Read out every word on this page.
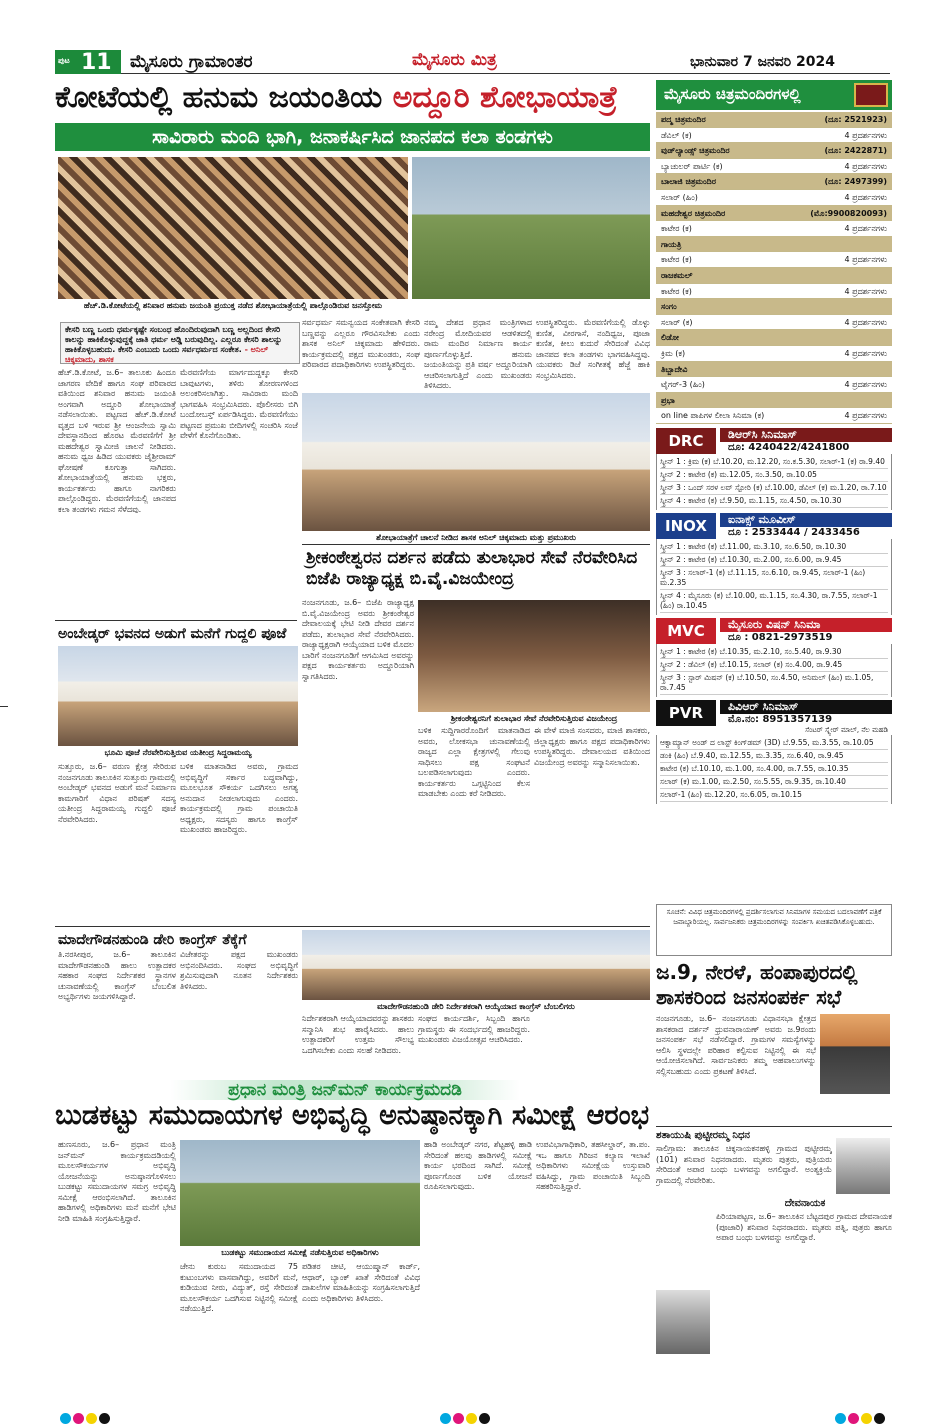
ಪುಟ 11 ಮೈಸೂರು ಗ್ರಾಮಾಂತರ	ಮೈಸೂರು ಮಿತ್ರ	ಭಾನುವಾರ 7 ಜನವರಿ 2024
ಕೋಟೆಯಲ್ಲಿ ಹನುಮ ಜಯಂತಿಯ ಅದ್ದೂರಿ ಶೋಭಾಯಾತ್ರೆ
ಸಾವಿರಾರು ಮಂದಿ ಭಾಗಿ, ಜನಾಕರ್ಷಿಸಿದ ಜಾನಪದ ಕಲಾ ತಂಡಗಳು
ಹೆಚ್.ಡಿ.ಕೋಟೆಯಲ್ಲಿ ಶನಿವಾರ ಹನುಮ ಜಯಂತಿ ಪ್ರಯುಕ್ತ ನಡೆದ ಶೋಭಾಯಾತ್ರೆಯಲ್ಲಿ ಪಾಲ್ಗೊಂಡಿರುವ ಜನಸ್ತೋಮ
ಕೇಸರಿ ಬಣ್ಣ ಒಂದು ಧರ್ಮಕ್ಕಷ್ಟೇ ಸಂಬಂಧ ಹೊಂದಿರುವುದಾಗಿ ಬಣ್ಣ ಅಲ್ಲದಿಂದ ಕೇಸರಿ ಕಾಲನ್ನು ಹಾಕಿಕೊಳ್ಳುವುದ್ದಕ್ಕೆ ಜಾತಿ ಧರ್ಮ ಅಡ್ಡಿ ಬರುವುದಿಲ್ಲ. ಎಲ್ಲರೂ ಕೇಸರಿ ಶಾಲನ್ನು ಹಾಕಿಕೊಳ್ಳಬಹುದು. ಕೇಸರಿ ಎಂಬುದು ಒಂದು ಸರ್ವಧರ್ಮದ ಸಂಕೇತ. - ಅನಿಲ್ ಚಿಕ್ಕಮಾದು, ಶಾಸಕ
ಹೆಚ್.ಡಿ.ಕೋಟೆ, ಜ.6– ತಾಲೂಕು ಹಿಂದೂ ಜಾಗರಣ ವೇದಿಕೆ ಹಾಗೂ ಸಂಘ ಪರಿವಾರದ ವತಿಯಿಂದ ಶನಿವಾರ ಹನುಮ ಜಯಂತಿ ಅಂಗವಾಗಿ ಅದ್ದೂರಿ ಶೋಭಾಯಾತ್ರೆ ನಡೆಸಲಾಯಿತು. ಪಟ್ಟಣದ ಹೆಚ್.ಡಿ.ಕೋಟೆ ವೃತ್ತದ ಬಳಿ ಇರುವ ಶ್ರೀ ಆಂಜನೇಯ ಸ್ವಾಮಿ ದೇವಸ್ಥಾನದಿಂದ ಹೊರಟ ಮೆರವಣಿಗೆಗೆ ಶ್ರೀ ಮಹದೇಶ್ವರ ಸ್ವಾಮೀಜಿ ಚಾಲನೆ ನೀಡಿದರು. ಹನುಮ ಧ್ವಜ ಹಿಡಿದ ಯುವಕರು ಜೈಶ್ರೀರಾಮ್ ಘೋಷಣೆ ಕೂಗುತ್ತಾ ಸಾಗಿದರು. ಶೋಭಾಯಾತ್ರೆಯಲ್ಲಿ ಹನುಮ ಭಕ್ತರು, ಕಾರ್ಯಕರ್ತರು ಹಾಗೂ ನಾಗರಿಕರು ಪಾಲ್ಗೊಂಡಿದ್ದರು. ಮೆರವಣಿಗೆಯಲ್ಲಿ ಜಾನಪದ ಕಲಾ ತಂಡಗಳು ಗಮನ ಸೆಳೆದವು.
ಮೆರವಣಿಗೆಯ ಮಾರ್ಗದುದ್ದಕ್ಕೂ ಕೇಸರಿ ಬಾವುಟಗಳು, ತಳಿರು ತೋರಣಗಳಿಂದ ಅಲಂಕರಿಸಲಾಗಿತ್ತು. ಸಾವಿರಾರು ಮಂದಿ ಭಾಗವಹಿಸಿ ಸಂಭ್ರಮಿಸಿದರು. ಪೊಲೀಸರು ಬಿಗಿ ಬಂದೋಬಸ್ತ್ ಏರ್ಪಡಿಸಿದ್ದರು. ಮೆರವಣಿಗೆಯು ಪಟ್ಟಣದ ಪ್ರಮುಖ ಬೀದಿಗಳಲ್ಲಿ ಸಂಚರಿಸಿ ಸಂಜೆ ವೇಳೆಗೆ ಕೊನೆಗೊಂಡಿತು.
ಸರ್ವಧರ್ಮ ಸಮನ್ವಯದ ಸಂಕೇತವಾಗಿ ಕೇಸರಿ ಬಣ್ಣವನ್ನು ಎಲ್ಲರೂ ಗೌರವಿಸಬೇಕು ಎಂದು ಶಾಸಕ ಅನಿಲ್ ಚಿಕ್ಕಮಾದು ಹೇಳಿದರು. ಕಾರ್ಯಕ್ರಮದಲ್ಲಿ ಪಕ್ಷದ ಮುಖಂಡರು, ಸಂಘ ಪರಿವಾರದ ಪದಾಧಿಕಾರಿಗಳು ಉಪಸ್ಥಿತರಿದ್ದರು.
ನಮ್ಮ ದೇಶದ ಪ್ರಧಾನ ಮಂತ್ರಿಗಳಾದ ನರೇಂದ್ರ ಮೋದಿಯವರ ಆಡಳಿತದಲ್ಲಿ ರಾಮ ಮಂದಿರ ನಿರ್ಮಾಣ ಕಾರ್ಯ ಪೂರ್ಣಗೊಳ್ಳುತ್ತಿದೆ. ಹನುಮ ಜಯಂತಿಯನ್ನು ಪ್ರತಿ ವರ್ಷ ಅದ್ದೂರಿಯಾಗಿ ಆಚರಿಸಲಾಗುತ್ತಿದೆ ಎಂದು ಮುಖಂಡರು ತಿಳಿಸಿದರು.
ಉಪಸ್ಥಿತರಿದ್ದರು. ಮೆರವಣಿಗೆಯಲ್ಲಿ ಡೊಳ್ಳು ಕುಣಿತ, ವೀರಗಾಸೆ, ನಂದಿಧ್ವಜ, ಪೂಜಾ ಕುಣಿತ, ಕೀಲು ಕುದುರೆ ಸೇರಿದಂತೆ ವಿವಿಧ ಜಾನಪದ ಕಲಾ ತಂಡಗಳು ಭಾಗವಹಿಸಿದ್ದವು. ಯುವಕರು ಡಿಜೆ ಸಂಗೀತಕ್ಕೆ ಹೆಜ್ಜೆ ಹಾಕಿ ಸಂಭ್ರಮಿಸಿದರು.
ಶೋಭಾಯಾತ್ರೆಗೆ ಚಾಲನೆ ನೀಡಿದ ಶಾಸಕ ಅನಿಲ್ ಚಿಕ್ಕಮಾದು ಮತ್ತು ಪ್ರಮುಖರು
ಶ್ರೀಕಂಠೇಶ್ವರನ ದರ್ಶನ ಪಡೆದು ತುಲಾಭಾರ ಸೇವೆ ನೆರವೇರಿಸಿದ ಬಿಜೆಪಿ ರಾಜ್ಯಾಧ್ಯಕ್ಷ ಬಿ.ವೈ.ವಿಜಯೇಂದ್ರ
ನಂಜನಗೂಡು, ಜ.6– ಬಿಜೆಪಿ ರಾಜ್ಯಾಧ್ಯಕ್ಷ ಬಿ.ವೈ.ವಿಜಯೇಂದ್ರ ಅವರು ಶ್ರೀಕಂಠೇಶ್ವರ ದೇವಾಲಯಕ್ಕೆ ಭೇಟಿ ನೀಡಿ ದೇವರ ದರ್ಶನ ಪಡೆದು, ತುಲಾಭಾರ ಸೇವೆ ನೆರವೇರಿಸಿದರು. ರಾಜ್ಯಾಧ್ಯಕ್ಷರಾಗಿ ಆಯ್ಕೆಯಾದ ಬಳಿಕ ಮೊದಲ ಬಾರಿಗೆ ನಂಜನಗೂಡಿಗೆ ಆಗಮಿಸಿದ ಅವರನ್ನು ಪಕ್ಷದ ಕಾರ್ಯಕರ್ತರು ಅದ್ದೂರಿಯಾಗಿ ಸ್ವಾಗತಿಸಿದರು.
ಶ್ರೀಕಂಠೇಶ್ವರನಿಗೆ ತುಲಾಭಾರ ಸೇವೆ ನೆರವೇರಿಸುತ್ತಿರುವ ವಿಜಯೇಂದ್ರ
ಬಳಿಕ ಸುದ್ದಿಗಾರರೊಂದಿಗೆ ಮಾತನಾಡಿದ ಅವರು, ಲೋಕಸಭಾ ಚುನಾವಣೆಯಲ್ಲಿ ರಾಜ್ಯದ ಎಲ್ಲಾ ಕ್ಷೇತ್ರಗಳಲ್ಲಿ ಗೆಲುವು ಸಾಧಿಸಲು ಪಕ್ಷ ಸಂಘಟನೆ ಬಲಪಡಿಸಲಾಗುವುದು ಎಂದರು. ಕಾರ್ಯಕರ್ತರು ಒಗ್ಗಟ್ಟಿನಿಂದ ಕೆಲಸ ಮಾಡಬೇಕು ಎಂದು ಕರೆ ನೀಡಿದರು.
ಈ ವೇಳೆ ಮಾಜಿ ಸಂಸದರು, ಮಾಜಿ ಶಾಸಕರು, ಜಿಲ್ಲಾಧ್ಯಕ್ಷರು ಹಾಗೂ ಪಕ್ಷದ ಪದಾಧಿಕಾರಿಗಳು ಉಪಸ್ಥಿತರಿದ್ದರು. ದೇವಾಲಯದ ವತಿಯಿಂದ ವಿಜಯೇಂದ್ರ ಅವರನ್ನು ಸನ್ಮಾನಿಸಲಾಯಿತು.
ಅಂಬೇಡ್ಕರ್ ಭವನದ ಅಡುಗೆ ಮನೆಗೆ ಗುದ್ದಲಿ ಪೂಜೆ
ಭೂಮಿ ಪೂಜೆ ನೆರವೇರಿಸುತ್ತಿರುವ ಯತೀಂದ್ರ ಸಿದ್ದರಾಮಯ್ಯ
ಸುತ್ತೂರು, ಜ.6– ವರುಣ ಕ್ಷೇತ್ರ ಸೇರಿರುವ ನಂಜನಗೂಡು ತಾಲೂಕಿನ ಸುತ್ತೂರು ಗ್ರಾಮದಲ್ಲಿ ಅಂಬೇಡ್ಕರ್ ಭವನದ ಅಡುಗೆ ಮನೆ ನಿರ್ಮಾಣ ಕಾಮಗಾರಿಗೆ ವಿಧಾನ ಪರಿಷತ್ ಸದಸ್ಯ ಯತೀಂದ್ರ ಸಿದ್ದರಾಮಯ್ಯ ಗುದ್ದಲಿ ಪೂಜೆ ನೆರವೇರಿಸಿದರು.
ಬಳಿಕ ಮಾತನಾಡಿದ ಅವರು, ಗ್ರಾಮದ ಅಭಿವೃದ್ಧಿಗೆ ಸರ್ಕಾರ ಬದ್ಧವಾಗಿದ್ದು, ಮೂಲಭೂತ ಸೌಕರ್ಯ ಒದಗಿಸಲು ಅಗತ್ಯ ಅನುದಾನ ನೀಡಲಾಗುವುದು ಎಂದರು. ಕಾರ್ಯಕ್ರಮದಲ್ಲಿ ಗ್ರಾಮ ಪಂಚಾಯಿತಿ ಅಧ್ಯಕ್ಷರು, ಸದಸ್ಯರು ಹಾಗೂ ಕಾಂಗ್ರೆಸ್ ಮುಖಂಡರು ಹಾಜರಿದ್ದರು.
ಮಾದೇಗೌಡನಹುಂಡಿ ಡೇರಿ ಕಾಂಗ್ರೆಸ್ ತೆಕ್ಕೆಗೆ
ತಿ.ನರಸೀಪುರ, ಜ.6– ತಾಲೂಕಿನ ಮಾದೇಗೌಡನಹುಂಡಿ ಹಾಲು ಉತ್ಪಾದಕರ ಸಹಕಾರ ಸಂಘದ ನಿರ್ದೇಶಕರ ಸ್ಥಾನಗಳ ಚುನಾವಣೆಯಲ್ಲಿ ಕಾಂಗ್ರೆಸ್ ಬೆಂಬಲಿತ ಅಭ್ಯರ್ಥಿಗಳು ಜಯಗಳಿಸಿದ್ದಾರೆ.
ವಿಜೇತರನ್ನು ಪಕ್ಷದ ಮುಖಂಡರು ಅಭಿನಂದಿಸಿದರು. ಸಂಘದ ಅಭಿವೃದ್ಧಿಗೆ ಶ್ರಮಿಸುವುದಾಗಿ ನೂತನ ನಿರ್ದೇಶಕರು ತಿಳಿಸಿದರು.
ಮಾದೇಗೌಡನಹುಂಡಿ ಡೇರಿ ನಿರ್ದೇಶಕರಾಗಿ ಆಯ್ಕೆಯಾದ ಕಾಂಗ್ರೆಸ್ ಬೆಂಬಲಿಗರು
ನಿರ್ದೇಶಕರಾಗಿ ಆಯ್ಕೆಯಾದವರನ್ನು ಶಾಸಕರು ಸನ್ಮಾನಿಸಿ ಶುಭ ಹಾರೈಸಿದರು. ಹಾಲು ಉತ್ಪಾದಕರಿಗೆ ಉತ್ತಮ ಸೌಲಭ್ಯ ಒದಗಿಸಬೇಕು ಎಂದು ಸಲಹೆ ನೀಡಿದರು.
ಸಂಘದ ಕಾರ್ಯದರ್ಶಿ, ಸಿಬ್ಬಂದಿ ಹಾಗೂ ಗ್ರಾಮಸ್ಥರು ಈ ಸಂದರ್ಭದಲ್ಲಿ ಹಾಜರಿದ್ದರು. ಮುಖಂಡರು ವಿಜಯೋತ್ಸವ ಆಚರಿಸಿದರು.
ಪ್ರಧಾನ ಮಂತ್ರಿ ಜನ್‌ಮನ್ ಕಾರ್ಯಕ್ರಮದಡಿ
ಬುಡಕಟ್ಟು ಸಮುದಾಯಗಳ ಅಭಿವೃದ್ಧಿ ಅನುಷ್ಠಾನಕ್ಕಾಗಿ ಸಮೀಕ್ಷೆ ಆರಂಭ
ಹುಣಸೂರು, ಜ.6– ಪ್ರಧಾನ ಮಂತ್ರಿ ಜನ್‌ಮನ್ ಕಾರ್ಯಕ್ರಮದಡಿಯಲ್ಲಿ ಮೂಲಸೌಕರ್ಯಗಳ ಅಭಿವೃದ್ಧಿ ಯೋಜನೆಯನ್ನು ಅನುಷ್ಠಾನಗೊಳಿಸಲು ಬುಡಕಟ್ಟು ಸಮುದಾಯಗಳ ಸಮಗ್ರ ಅಭಿವೃದ್ಧಿ ಸಮೀಕ್ಷೆ ಆರಂಭಿಸಲಾಗಿದೆ. ತಾಲೂಕಿನ ಹಾಡಿಗಳಲ್ಲಿ ಅಧಿಕಾರಿಗಳು ಮನೆ ಮನೆಗೆ ಭೇಟಿ ನೀಡಿ ಮಾಹಿತಿ ಸಂಗ್ರಹಿಸುತ್ತಿದ್ದಾರೆ.
ಬುಡಕಟ್ಟು ಸಮುದಾಯದ ಸಮೀಕ್ಷೆ ನಡೆಸುತ್ತಿರುವ ಅಧಿಕಾರಿಗಳು
ಜೇನು ಕುರುಬ ಸಮುದಾಯದ 75 ಕುಟುಂಬಗಳು ವಾಸವಾಗಿದ್ದು, ಅವರಿಗೆ ಮನೆ, ಕುಡಿಯುವ ನೀರು, ವಿದ್ಯುತ್, ರಸ್ತೆ ಸೇರಿದಂತೆ ಮೂಲಸೌಕರ್ಯ ಒದಗಿಸುವ ನಿಟ್ಟಿನಲ್ಲಿ ಸಮೀಕ್ಷೆ ನಡೆಯುತ್ತಿದೆ.
ಪಡಿತರ ಚೀಟಿ, ಆಯುಷ್ಮಾನ್ ಕಾರ್ಡ್, ಆಧಾರ್, ಬ್ಯಾಂಕ್ ಖಾತೆ ಸೇರಿದಂತೆ ವಿವಿಧ ದಾಖಲೆಗಳ ಮಾಹಿತಿಯನ್ನು ಸಂಗ್ರಹಿಸಲಾಗುತ್ತಿದೆ ಎಂದು ಅಧಿಕಾರಿಗಳು ತಿಳಿಸಿದರು.
ಹಾಡಿ ಅಂಬೇಡ್ಕರ್ ನಗರ, ಶೆಟ್ಟಹಳ್ಳಿ ಹಾಡಿ ಸೇರಿದಂತೆ ಹಲವು ಹಾಡಿಗಳಲ್ಲಿ ಸಮೀಕ್ಷೆ ಕಾರ್ಯ ಭರದಿಂದ ಸಾಗಿದೆ. ಸಮೀಕ್ಷೆ ಪೂರ್ಣಗೊಂಡ ಬಳಿಕ ಯೋಜನೆ ರೂಪಿಸಲಾಗುವುದು.
ಉಪವಿಭಾಗಾಧಿಕಾರಿ, ತಹಸೀಲ್ದಾರ್, ತಾ.ಪಂ. ಇಒ ಹಾಗೂ ಗಿರಿಜನ ಕಲ್ಯಾಣ ಇಲಾಖೆ ಅಧಿಕಾರಿಗಳು ಸಮೀಕ್ಷೆಯ ಉಸ್ತುವಾರಿ ವಹಿಸಿದ್ದು, ಗ್ರಾಮ ಪಂಚಾಯಿತಿ ಸಿಬ್ಬಂದಿ ಸಹಕರಿಸುತ್ತಿದ್ದಾರೆ.
ಮೈಸೂರು ಚಿತ್ರಮಂದಿರಗಳಲ್ಲಿ
ಪದ್ಮ ಚಿತ್ರಮಂದಿರ	(ದೂ: 2521923)
ಡೆವಿಲ್ (ಕ)	4 ಪ್ರದರ್ಶನಗಳು
ವುಡ್‌ಲ್ಯಾಂಡ್ಸ್ ಚಿತ್ರಮಂದಿರ	(ದೂ: 2422871)
ಬ್ಯಾಚುಲರ್ ಪಾರ್ಟಿ (ಕ)	4 ಪ್ರದರ್ಶನಗಳು
ಬಾಲಾಜಿ ಚಿತ್ರಮಂದಿರ	(ದೂ: 2497399)
ಸಲಾರ್ (ಹಿಂ)	4 ಪ್ರದರ್ಶನಗಳು
ಮಹದೇಶ್ವರ ಚಿತ್ರಮಂದಿರ	(ಮೊ:9900820093)
ಕಾಟೇರ (ಕ)	4 ಪ್ರದರ್ಶನಗಳು
ಗಾಯತ್ರಿ
ಕಾಟೇರ (ಕ)	4 ಪ್ರದರ್ಶನಗಳು
ರಾಜಕಮಲ್
ಕಾಟೇರ (ಕ)	4 ಪ್ರದರ್ಶನಗಳು
ಸಂಗಂ
ಸಲಾರ್ (ಕ)	4 ಪ್ರದರ್ಶನಗಳು
ಲಿಡೋ
ಕ್ರಿಮ (ಕ)	4 ಪ್ರದರ್ಶನಗಳು
ತಿಬ್ಬಾದೇವಿ
ಟೈಗರ್-3 (ಹಿಂ)	4 ಪ್ರದರ್ಶನಗಳು
ಪ್ರಭಾ
on line ಪಾಪಿಗಳ ಲೀಲಾ ಸಿನಿಮಾ (ಕ)	4 ಪ್ರದರ್ಶನಗಳು
DRC	ಡಿಆರ್‌ಸಿ ಸಿನಿಮಾಸ್
ದೂ: 4240422/4241800
ಸ್ಕ್ರೀನ್ 1 : ಕ್ರಿಮ (ಕ) ಬೆ.10.20, ಮ.12.20, ಸಂ.ಕ.5.30, ಸಲಾರ್-1 (ಕ) ರಾ.9.40
ಸ್ಕ್ರೀನ್ 2 : ಕಾಟೇರ (ಕ) ಮ.12.05, ಸಂ.3.50, ರಾ.10.05
ಸ್ಕ್ರೀನ್ 3 : ಒಂದ್ ಸರಳ ಲವ್ ಸ್ಟೋರಿ (ಕ) ಬೆ.10.00, ಡೆವಿಲ್ (ಕ) ಮ.1.20, ರಾ.7.10
ಸ್ಕ್ರೀನ್ 4 : ಕಾಟೇರ (ಕ) ಬೆ.9.50, ಮ.1.15, ಸಂ.4.50, ರಾ.10.30
INOX	ಐನಾಕ್ಸ್ ಮೂವೀಸ್
ದೂ : 2533444 / 2433456
ಸ್ಕ್ರೀನ್ 1 : ಕಾಟೇರ (ಕ) ಬೆ.11.00, ಮ.3.10, ಸಂ.6.50, ರಾ.10.30
ಸ್ಕ್ರೀನ್ 2 : ಕಾಟೇರ (ಕ) ಬೆ.10.30, ಮ.2.00, ಸಂ.6.00, ರಾ.9.45
ಸ್ಕ್ರೀನ್ 3 : ಸಲಾರ್-1 (ಕ) ಬೆ.11.15, ಸಂ.6.10, ರಾ.9.45, ಸಲಾರ್-1 (ಹಿಂ) ಮ.2.35
ಸ್ಕ್ರೀನ್ 4 : ಮೈಸೂರು (ಕ) ಬೆ.10.00, ಮ.1.15, ಸಂ.4.30, ರಾ.7.55, ಸಲಾರ್-1 (ಹಿಂ) ರಾ.10.45
MVC	ಮೈಸೂರು ವಿಷನ್ ಸಿನಿಮಾ
ದೂ : 0821-2973519
ಸ್ಕ್ರೀನ್ 1 : ಕಾಟೇರ (ಕ) ಬೆ.10.35, ಮ.2.10, ಸಂ.5.40, ರಾ.9.30
ಸ್ಕ್ರೀನ್ 2 : ಡೆವಿಲ್ (ಕ) ಬೆ.10.15, ಸಲಾರ್ (ಕ) ಸಂ.4.00, ರಾ.9.45
ಸ್ಕ್ರೀನ್ 3 : ಸ್ಟಾರ್ ಮಿಷನ್ (ಕ) ಬೆ.10.50, ಸಂ.4.50, ಅನಿಮಲ್ (ಹಿಂ) ಮ.1.05, ರಾ.7.45
PVR	ಪಿವಿಆರ್ ಸಿನಿಮಾಸ್
ಮೊ.ನಂ: 8951357139
ಸೆಂಟರ್ ಸ್ಕ್ವೇರ್ ಮಾಲ್, ನೆಲ ಮಹಡಿ
ಆಕ್ವಾಮ್ಯಾನ್ ಅಂಡ್ ದ ಲಾಸ್ಟ್ ಕಿಂಗ್‌ಡಮ್ (3D) ಬೆ.9.55, ಮ.3.55, ರಾ.10.05
ಡಂಕಿ (ಹಿಂ) ಬೆ.9.40, ಮ.12.55, ಮ.3.35, ಸಂ.6.40, ರಾ.9.45
ಕಾಟೇರ (ಕ) ಬೆ.10.10, ಮ.1.00, ಸಂ.4.00, ರಾ.7.55, ರಾ.10.35
ಸಲಾರ್ (ಕ) ಮ.1.00, ಮ.2.50, ಸಂ.5.55, ರಾ.9.35, ರಾ.10.40
ಸಲಾರ್-1 (ಹಿಂ) ಮ.12.20, ಸಂ.6.05, ರಾ.10.15
ಸೂಚನೆ: ವಿವಿಧ ಚಿತ್ರಮಂದಿರಗಳಲ್ಲಿ ಪ್ರದರ್ಶಿಸಲಾಗುವ ಸಿನಿಮಾಗಳ ಸಮಯದ ಬದಲಾವಣೆಗೆ ಪತ್ರಿಕೆ ಜವಾಬ್ದಾರಿಯಲ್ಲ. ಸಾರ್ವಜನಿಕರು ಚಿತ್ರಮಂದಿರಗಳನ್ನು ಸಂಪರ್ಕಿಸಿ ಖಚಿತಪಡಿಸಿಕೊಳ್ಳಬಹುದು.
ಜ.9, ನೇರಳೆ, ಹಂಪಾಪುರದಲ್ಲಿ ಶಾಸಕರಿಂದ ಜನಸಂಪರ್ಕ ಸಭೆ
ನಂಜನಗೂಡು, ಜ.6– ನಂಜನಗೂಡು ವಿಧಾನಸಭಾ ಕ್ಷೇತ್ರದ ಶಾಸಕರಾದ ದರ್ಶನ್ ಧ್ರುವನಾರಾಯಣ್ ಅವರು ಜ.9ರಂದು ಜನಸಂಪರ್ಕ ಸಭೆ ನಡೆಸಲಿದ್ದಾರೆ. ಗ್ರಾಮಗಳ ಸಮಸ್ಯೆಗಳನ್ನು ಆಲಿಸಿ ಸ್ಥಳದಲ್ಲೇ ಪರಿಹಾರ ಕಲ್ಪಿಸುವ ನಿಟ್ಟಿನಲ್ಲಿ ಈ ಸಭೆ ಆಯೋಜಿಸಲಾಗಿದೆ. ಸಾರ್ವಜನಿಕರು ತಮ್ಮ ಅಹವಾಲುಗಳನ್ನು ಸಲ್ಲಿಸಬಹುದು ಎಂದು ಪ್ರಕಟಣೆ ತಿಳಿಸಿದೆ.
ಶತಾಯುಷಿ ಪುಟ್ಟೀರಮ್ಮ ನಿಧನ
ಸಾಲಿಗ್ರಾಮ: ತಾಲೂಕಿನ ಚಿಕ್ಕನಾಯಕನಹಳ್ಳಿ ಗ್ರಾಮದ ಪುಟ್ಟೀರಮ್ಮ (101) ಶನಿವಾರ ನಿಧನರಾದರು. ಮೃತರು ಪುತ್ರರು, ಪುತ್ರಿಯರು ಸೇರಿದಂತೆ ಅಪಾರ ಬಂಧು ಬಳಗವನ್ನು ಅಗಲಿದ್ದಾರೆ. ಅಂತ್ಯಕ್ರಿಯೆ ಗ್ರಾಮದಲ್ಲಿ ನೆರವೇರಿತು.
ದೇವನಾಯಕ
ಪಿರಿಯಾಪಟ್ಟಣ, ಜ.6– ತಾಲೂಕಿನ ಬೆಟ್ಟದಪುರ ಗ್ರಾಮದ ದೇವನಾಯಕ (ಪೂಜಾರಿ) ಶನಿವಾರ ನಿಧನರಾದರು. ಮೃತರು ಪತ್ನಿ, ಪುತ್ರರು ಹಾಗೂ ಅಪಾರ ಬಂಧು ಬಳಗವನ್ನು ಅಗಲಿದ್ದಾರೆ.
